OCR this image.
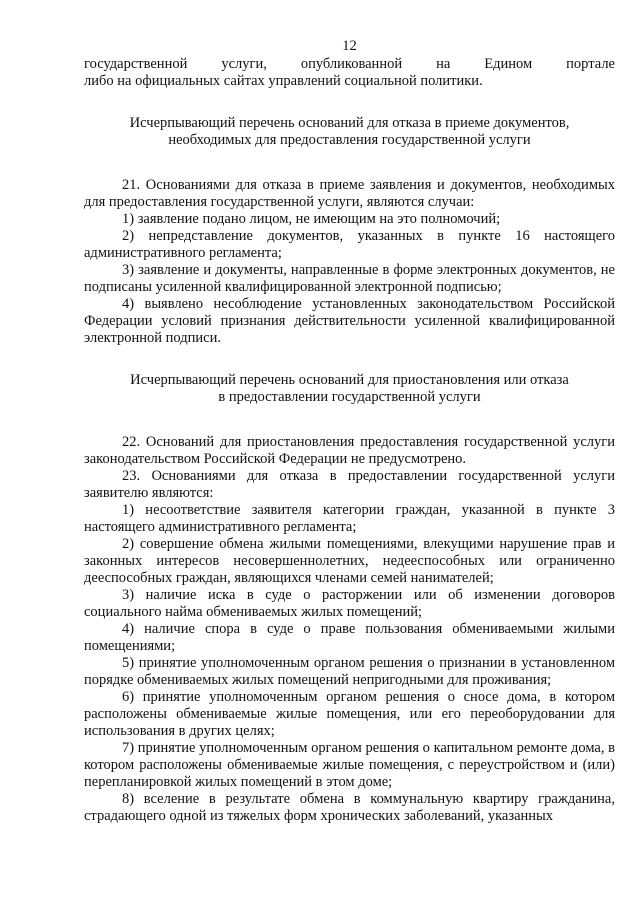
12

государственной услуги, опубликованной на Едином портале

либо на официальных сайтах управлений социальной политики.

Исчерпывающий перечень оснований для отказа в приеме документов,
необходимых для предоставления государственной услуги

21. Основаниями для отказа в приеме заявления и документов, необходимых для предоставления государственной услуги, являются случаи:

1) заявление подано лицом, не имеющим на это полномочий;

2) непредставление документов, указанных в пункте 16 настоящего административного регламента;

3) заявление и документы, направленные в форме электронных документов, не подписаны усиленной квалифицированной электронной подписью;

4) выявлено несоблюдение установленных законодательством Российской Федерации условий признания действительности усиленной квалифицированной электронной подписи.

Исчерпывающий перечень оснований для приостановления или отказа
в предоставлении государственной услуги

22. Оснований для приостановления предоставления государственной услуги законодательством Российской Федерации не предусмотрено.

23. Основаниями для отказа в предоставлении государственной услуги заявителю являются:

1) несоответствие заявителя категории граждан, указанной в пункте 3 настоящего административного регламента;

2) совершение обмена жилыми помещениями, влекущими нарушение прав и законных интересов несовершеннолетних, недееспособных или ограниченно дееспособных граждан, являющихся членами семей нанимателей;

3) наличие иска в суде о расторжении или об изменении договоров социального найма обмениваемых жилых помещений;

4) наличие спора в суде о праве пользования обмениваемыми жилыми помещениями;

5) принятие уполномоченным органом решения о признании в установленном порядке обмениваемых жилых помещений непригодными для проживания;

6) принятие уполномоченным органом решения о сносе дома, в котором расположены обмениваемые жилые помещения, или его переоборудовании для использования в других целях;

7) принятие уполномоченным органом решения о капитальном ремонте дома, в котором расположены обмениваемые жилые помещения, с переустройством и (или) перепланировкой жилых помещений в этом доме;

8) вселение в результате обмена в коммунальную квартиру гражданина, страдающего одной из тяжелых форм хронических заболеваний, указанных
